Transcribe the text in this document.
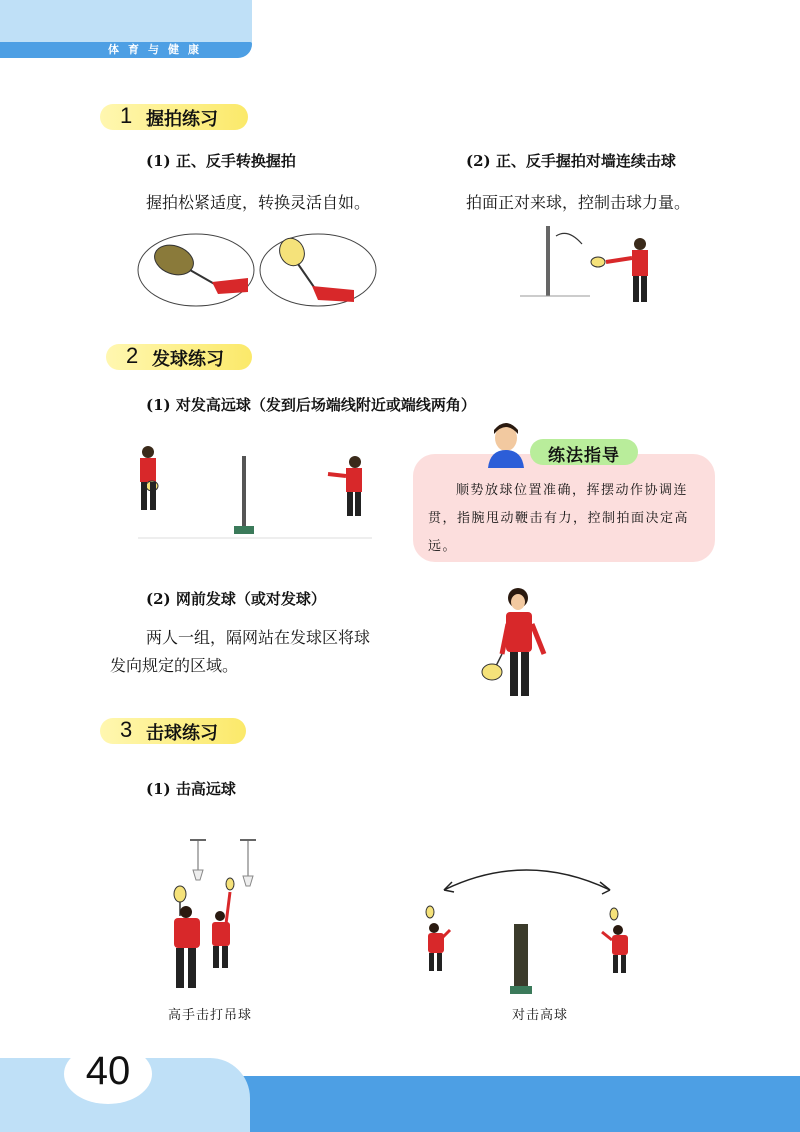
体育与健康
1 握拍练习
(1) 正、反手转换握拍
握拍松紧适度，转换灵活自如。
(2) 正、反手握拍对墙连续击球
拍面正对来球，控制击球力量。
2 发球练习
(1) 对发高远球（发到后场端线附近或端线两角）
练法指导
顺势放球位置准确，挥摆动作协调连贯，指腕甩动鞭击有力，控制拍面决定高远。
(2) 网前发球（或对发球）
两人一组，隔网站在发球区将球
发向规定的区域。
3 击球练习
(1) 击高远球
高手击打吊球	对击高球
40
